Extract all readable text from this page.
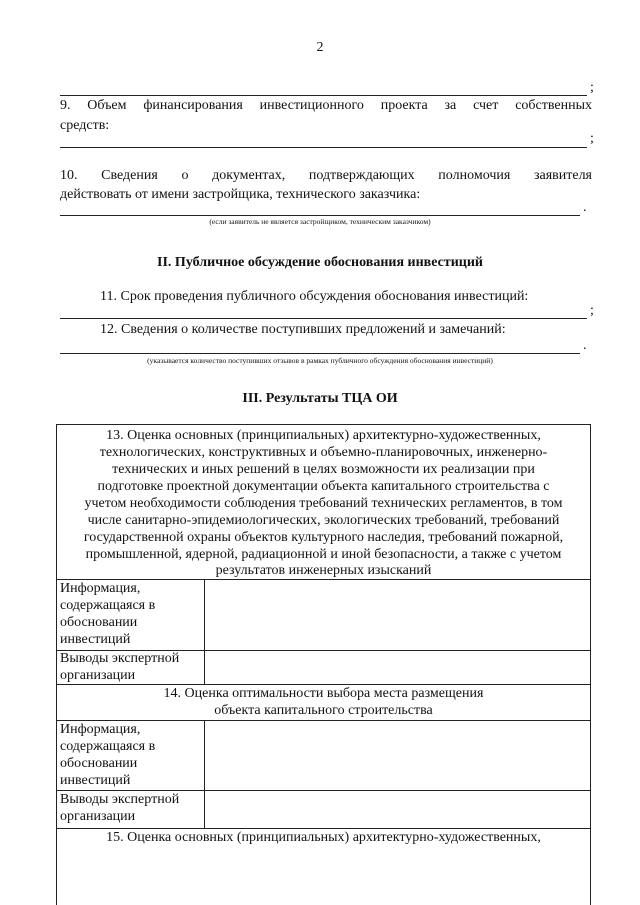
2
;
9. Объем финансирования инвестиционного проекта за счет собственных
средств:
;
10. Сведения о документах, подтверждающих полномочия заявителя
действовать от имени застройщика, технического заказчика:
.
(если заявитель не является застройщиком, техническим заказчиком)
II. Публичное обсуждение обоснования инвестиций
11. Срок проведения публичного обсуждения обоснования инвестиций:
;
12. Сведения о количестве поступивших предложений и замечаний:
.
(указывается количество поступивших отзывов в рамках публичного обсуждения обоснования инвестиций)
III. Результаты ТЦА ОИ
13. Оценка основных (принципиальных) архитектурно-художественных,
технологических, конструктивных и объемно-планировочных, инженерно-
технических и иных решений в целях возможности их реализации при
подготовке проектной документации объекта капитального строительства с
учетом необходимости соблюдения требований технических регламентов, в том
числе санитарно-эпидемиологических, экологических требований, требований
государственной охраны объектов культурного наследия, требований пожарной,
промышленной, ядерной, радиационной и иной безопасности, а также с учетом
результатов инженерных изысканий
Информация,
содержащаяся в
обосновании
инвестиций
Выводы экспертной
организации
14. Оценка оптимальности выбора места размещения
объекта капитального строительства
Информация,
содержащаяся в
обосновании
инвестиций
Выводы экспертной
организации
15. Оценка основных (принципиальных) архитектурно-художественных,
